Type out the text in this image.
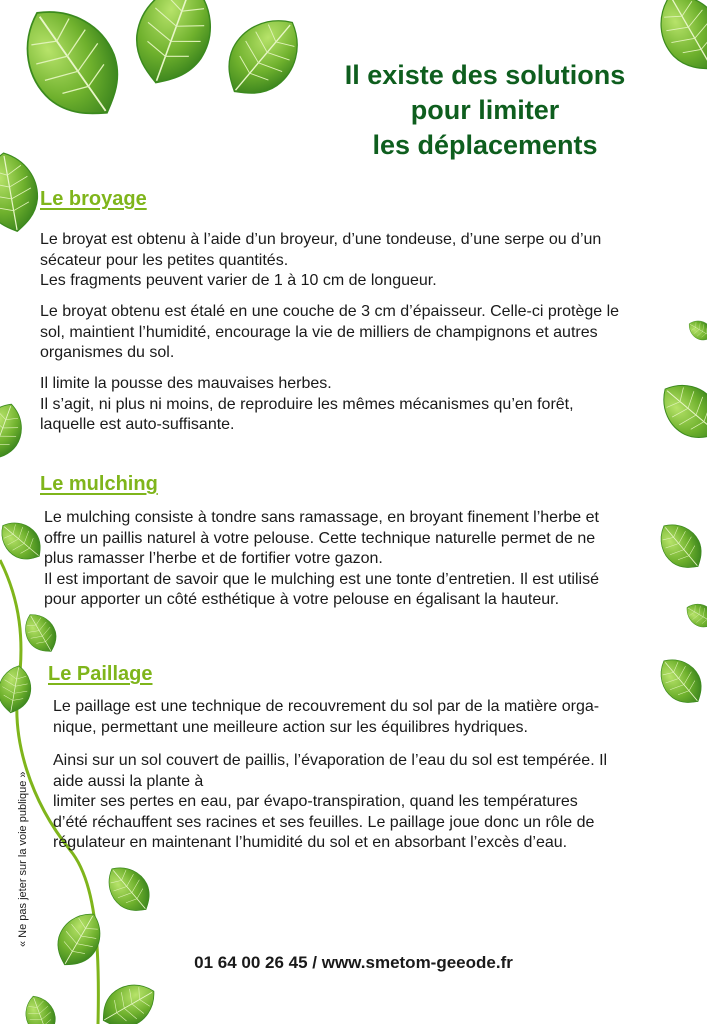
Il existe des solutions
pour limiter
les déplacements
Le broyage
Le broyat est obtenu à l’aide d’un broyeur, d’une tondeuse, d’une serpe ou d’un
sécateur pour les petites quantités.
Les fragments peuvent varier de 1 à 10 cm de longueur.
Le broyat obtenu est étalé en une couche de 3 cm d’épaisseur. Celle-ci protège le
sol, maintient l’humidité, encourage la vie de milliers de champignons et autres
organismes du sol.
Il limite la pousse des mauvaises herbes.
Il s’agit, ni plus ni moins, de reproduire les mêmes mécanismes qu’en forêt,
laquelle est auto-suffisante.
Le mulching
Le mulching consiste à tondre sans ramassage, en broyant finement l’herbe et
offre un paillis naturel à votre pelouse. Cette technique naturelle permet de ne
plus ramasser l’herbe et de fortifier votre gazon.
Il est important de savoir que le mulching est une tonte d’entretien. Il est utilisé
pour apporter un côté esthétique à votre pelouse en égalisant la hauteur.
Le Paillage
Le paillage est une technique de recouvrement du sol par de la matière orga-
nique, permettant une meilleure action sur les équilibres hydriques.
Ainsi sur un sol couvert de paillis, l’évaporation de l’eau du sol est tempérée. Il
aide aussi la plante à
limiter ses pertes en eau, par évapo-transpiration, quand les températures
d’été réchauffent ses racines et ses feuilles. Le paillage joue donc un rôle de
régulateur en maintenant l’humidité du sol et en absorbant l’excès d’eau.
« Ne pas jeter sur la voie publique »
01 64 00 26 45 / www.smetom-geeode.fr
